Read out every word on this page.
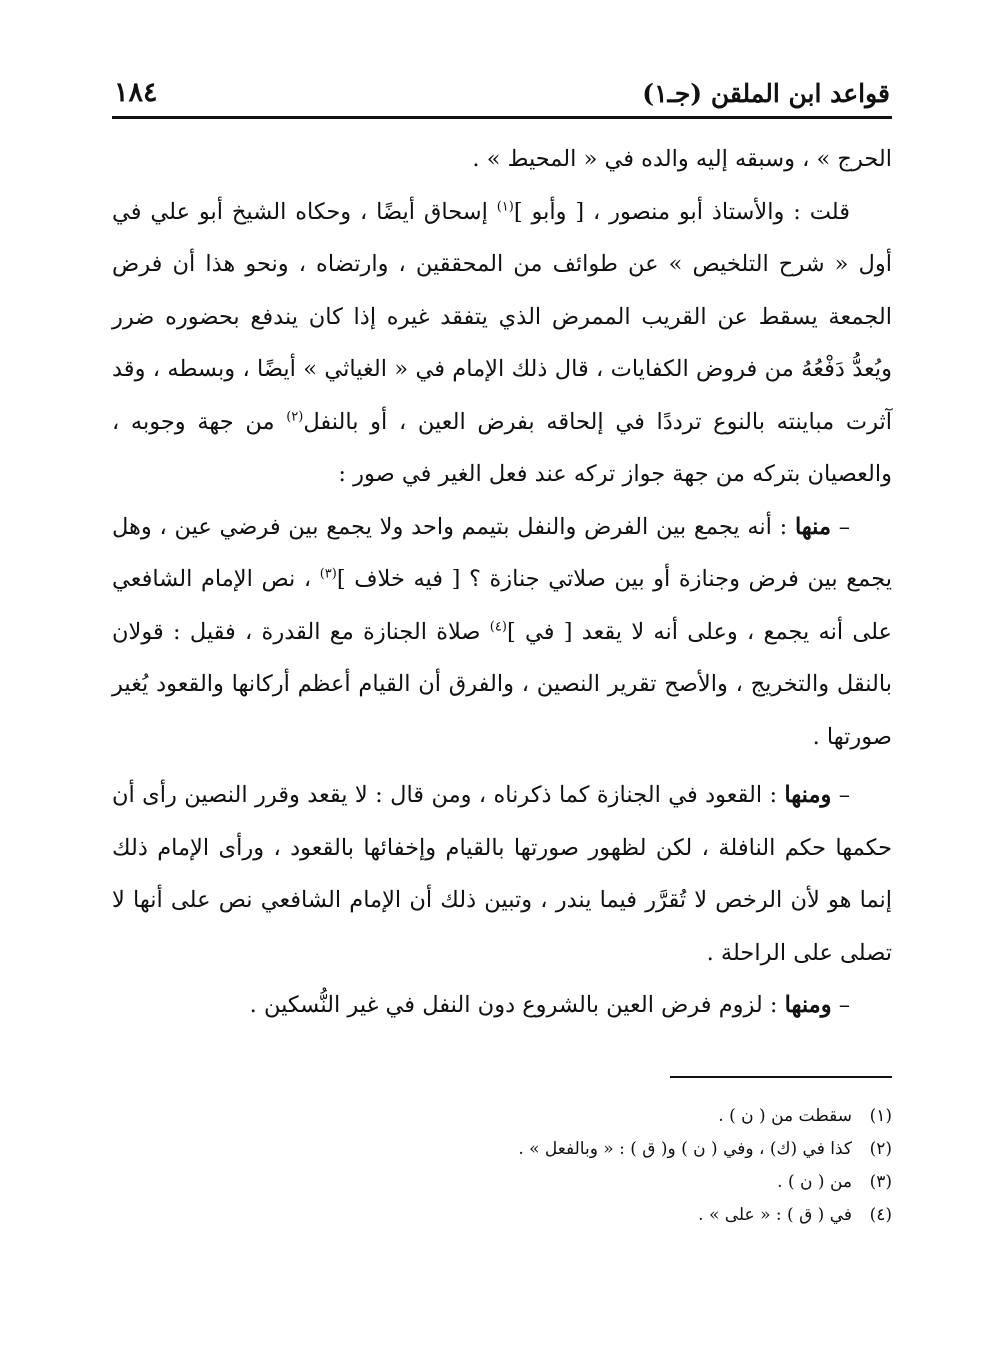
قواعد ابن الملقن (جـ١)
١٨٤

الحرج » ، وسبقه إليه والده في « المحيط » .

قلت : والأستاذ أبو منصور ، [ وأبو ]$^{(١)}$ إسحاق أيضًا ، وحكاه الشيخ أبو علي في أول « شرح التلخيص » عن طوائف من المحققين ، وارتضاه ، ونحو هذا أن فرض الجمعة يسقط عن القريب الممرض الذي يتفقد غيره إذا كان يندفع بحضوره ضرر ويُعدُّ دَفْعُهُ من فروض الكفايات ، قال ذلك الإمام في « الغياثي » أيضًا ، وبسطه ، وقد آثرت مباينته بالنوع ترددًا في إلحاقه بفرض العين ، أو بالنفل$^{(٢)}$ من جهة وجوبه ، والعصيان بتركه من جهة جواز تركه عند فعل الغير في صور :

– منها : أنه يجمع بين الفرض والنفل بتيمم واحد ولا يجمع بين فرضي عين ، وهل يجمع بين فرض وجنازة أو بين صلاتي جنازة ؟ [ فيه خلاف ]$^{(٣)}$ ، نص الإمام الشافعي على أنه يجمع ، وعلى أنه لا يقعد [ في ]$^{(٤)}$ صلاة الجنازة مع القدرة ، فقيل : قولان بالنقل والتخريج ، والأصح تقرير النصين ، والفرق أن القيام أعظم أركانها والقعود يُغير صورتها .

– ومنها : القعود في الجنازة كما ذكرناه ، ومن قال : لا يقعد وقرر النصين رأى أن حكمها حكم النافلة ، لكن لظهور صورتها بالقيام وإخفائها بالقعود ، ورأى الإمام ذلك إنما هو لأن الرخص لا تُقرَّر فيما يندر ، وتبين ذلك أن الإمام الشافعي نص على أنها لا تصلى على الراحلة .

– ومنها : لزوم فرض العين بالشروع دون النفل في غير النُّسكين .

(١)
سقطت من ( ن ) .
(٢)
كذا في (ك) ، وفي ( ن ) و( ق ) : « وبالفعل » .
(٣)
من ( ن ) .
(٤)
في ( ق ) : « على » .
